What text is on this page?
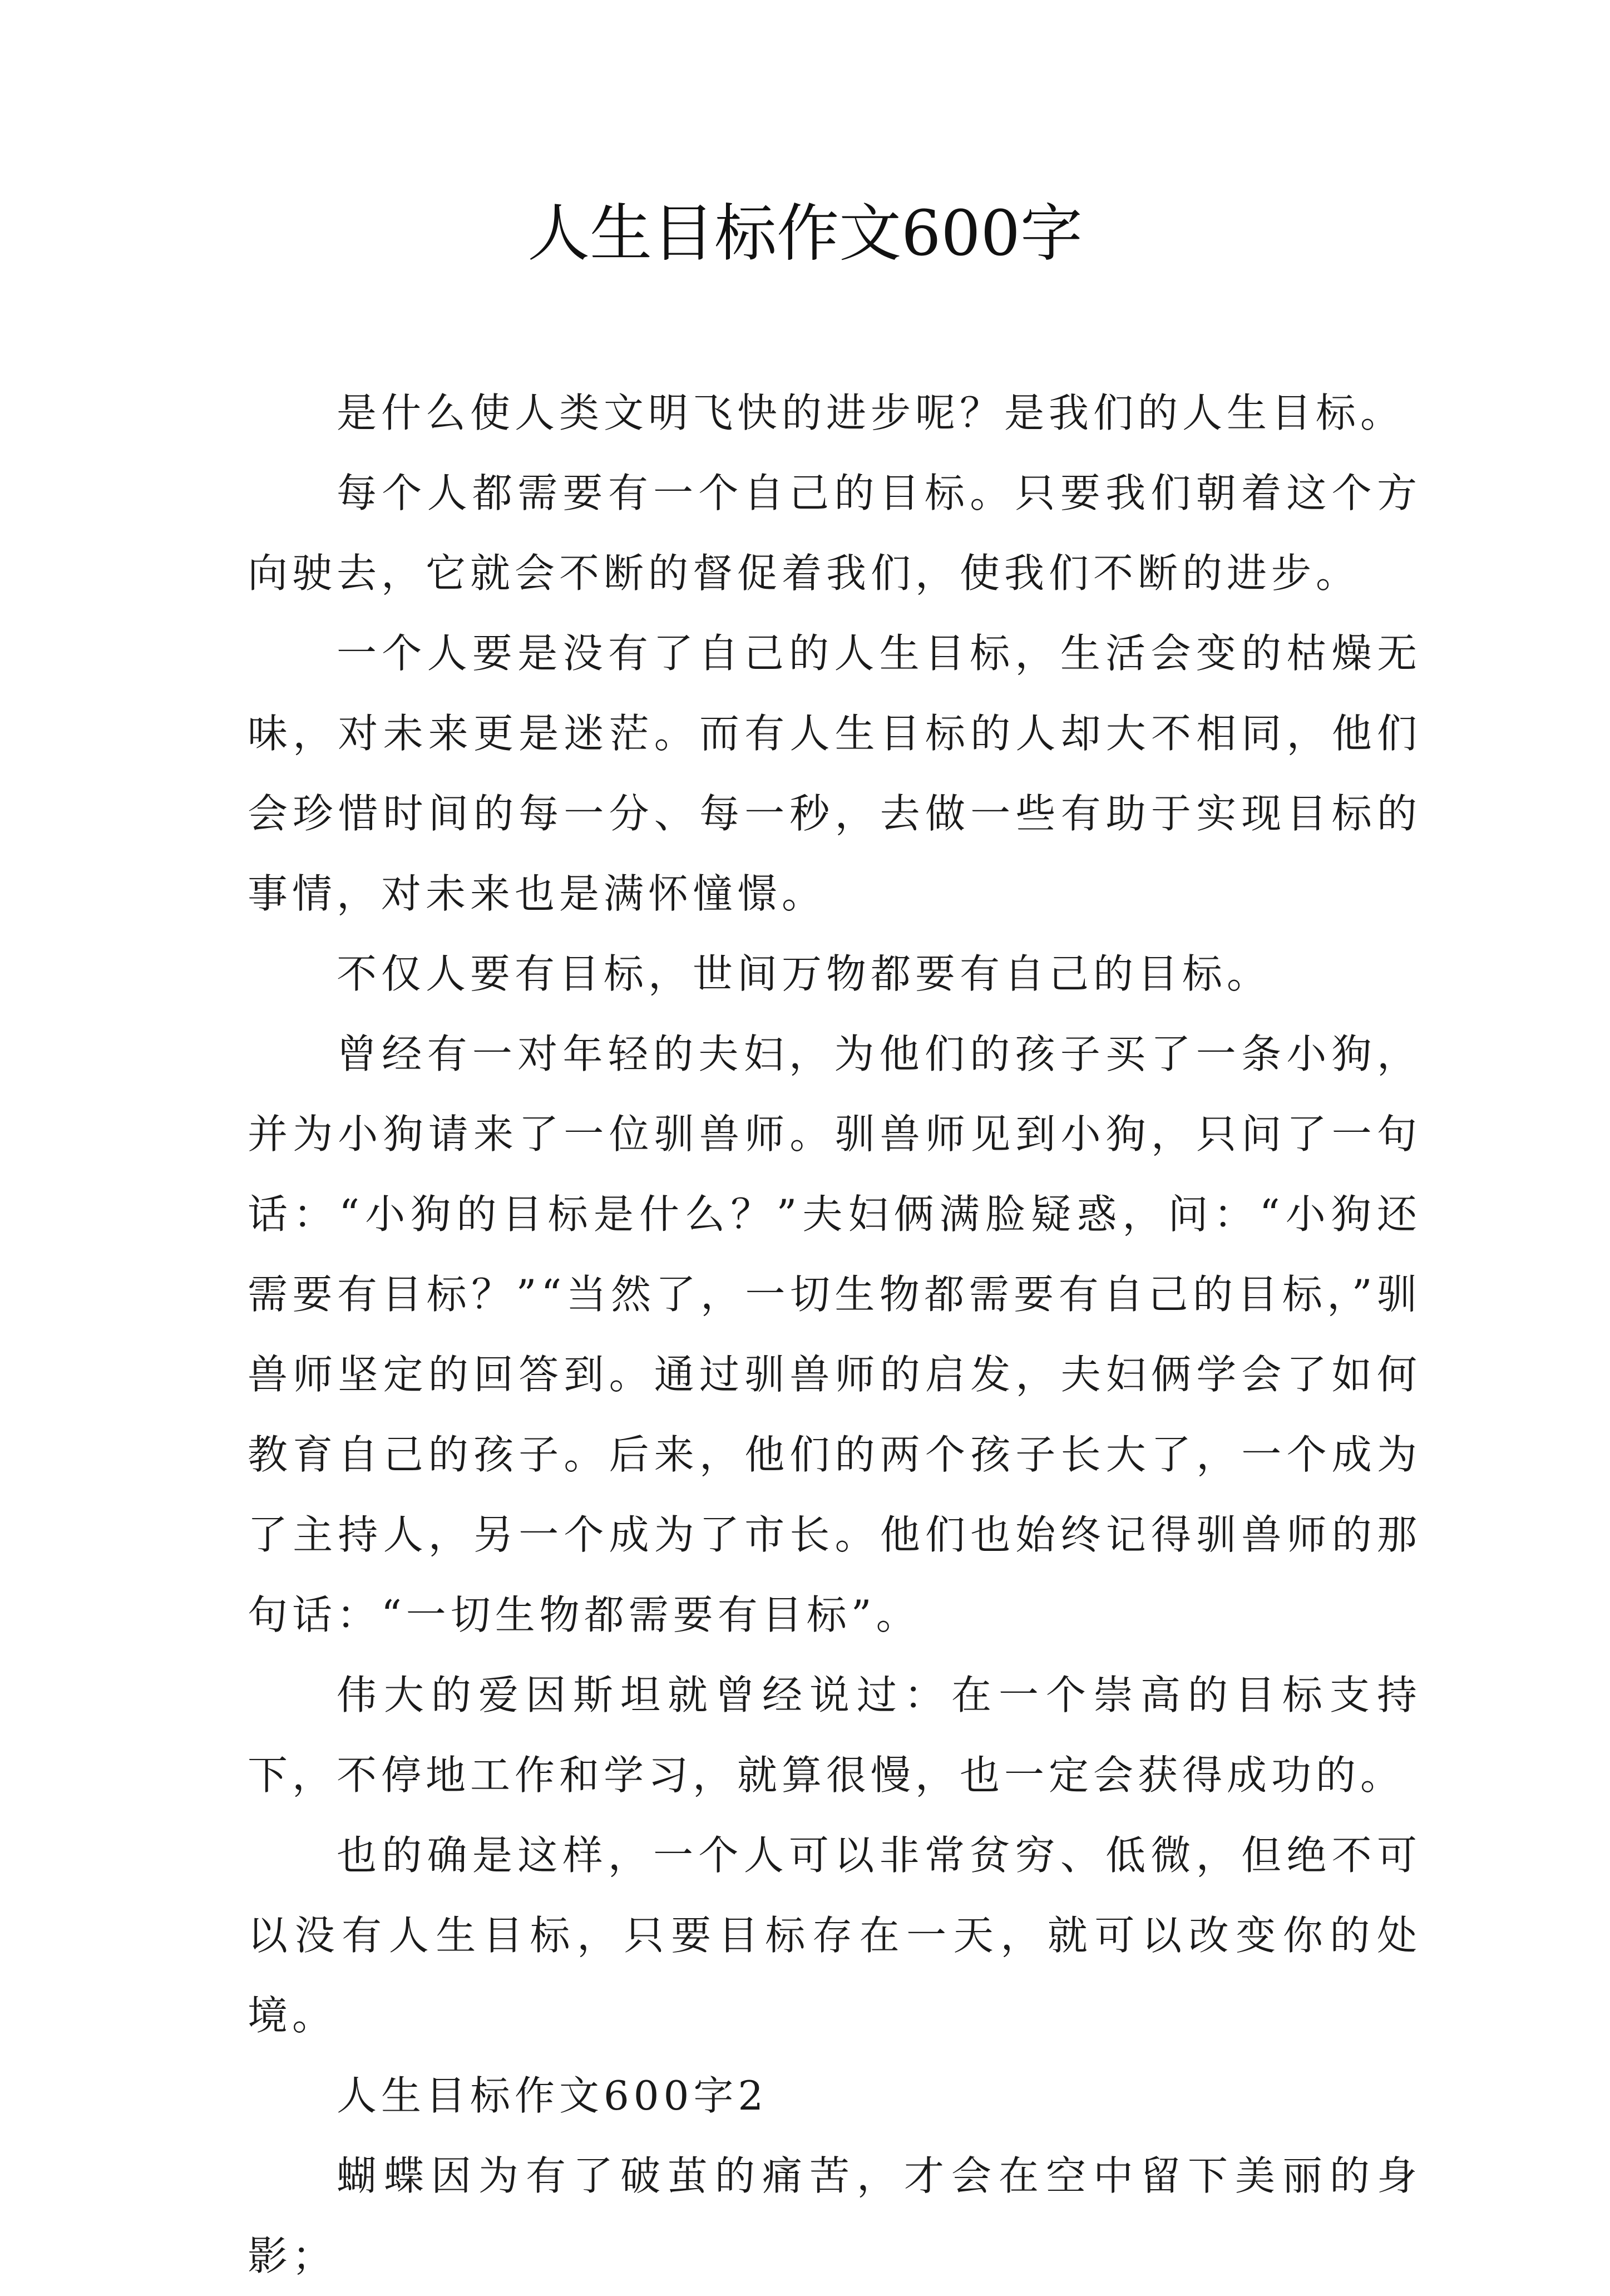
人生目标作文600字

是什么使人类文明飞快的进步呢？是我们的人生目标。

每个人都需要有一个自己的目标。只要我们朝着这个方向驶去，它就会不断的督促着我们，使我们不断的进步。

一个人要是没有了自己的人生目标，生活会变的枯燥无味，对未来更是迷茫。而有人生目标的人却大不相同，他们会珍惜时间的每一分、每一秒，去做一些有助于实现目标的事情，对未来也是满怀憧憬。

不仅人要有目标，世间万物都要有自己的目标。

曾经有一对年轻的夫妇，为他们的孩子买了一条小狗，并为小狗请来了一位驯兽师。驯兽师见到小狗，只问了一句话：“小狗的目标是什么？”夫妇俩满脸疑惑，问：“小狗还需要有目标？”“当然了，一切生物都需要有自己的目标，”驯兽师坚定的回答到。通过驯兽师的启发，夫妇俩学会了如何教育自己的孩子。后来，他们的两个孩子长大了，一个成为了主持人，另一个成为了市长。他们也始终记得驯兽师的那句话：“一切生物都需要有目标”。

伟大的爱因斯坦就曾经说过：在一个崇高的目标支持下，不停地工作和学习，就算很慢，也一定会获得成功的。

也的确是这样，一个人可以非常贫穷、低微，但绝不可以没有人生目标，只要目标存在一天，就可以改变你的处境。

人生目标作文600字2

蝴蝶因为有了破茧的痛苦，才会在空中留下美丽的身影；
